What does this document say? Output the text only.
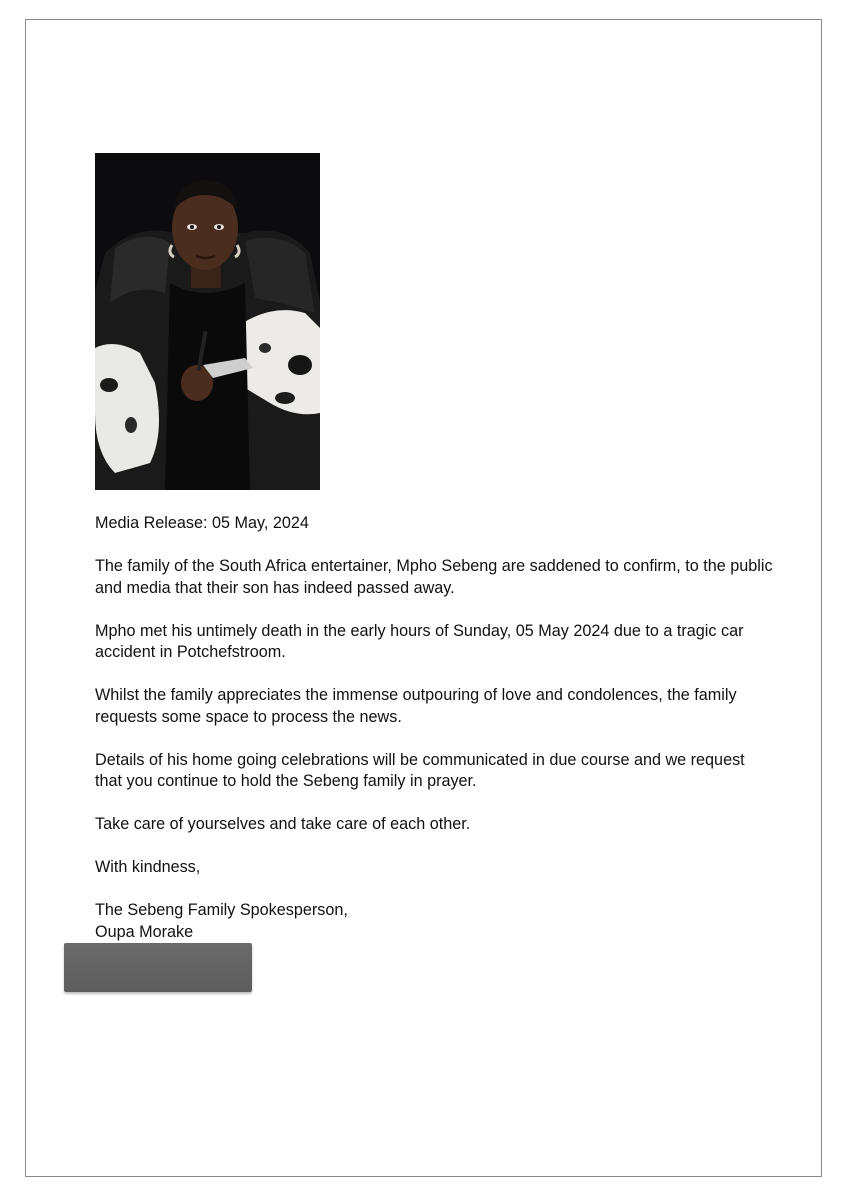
Media Release: 05 May, 2024

The family of the South Africa entertainer, Mpho Sebeng are saddened to confirm, to the public and media that their son has indeed passed away.

Mpho met his untimely death in the early hours of Sunday, 05 May 2024 due to a tragic car accident in Potchefstroom.

Whilst the family appreciates the immense outpouring of love and condolences, the family requests some space to process the news.

Details of his home going celebrations will be communicated in due course and we request that you continue to hold the Sebeng family in prayer.

Take care of yourselves and take care of each other.

With kindness,

The Sebeng Family Spokesperson,

Oupa Morake
